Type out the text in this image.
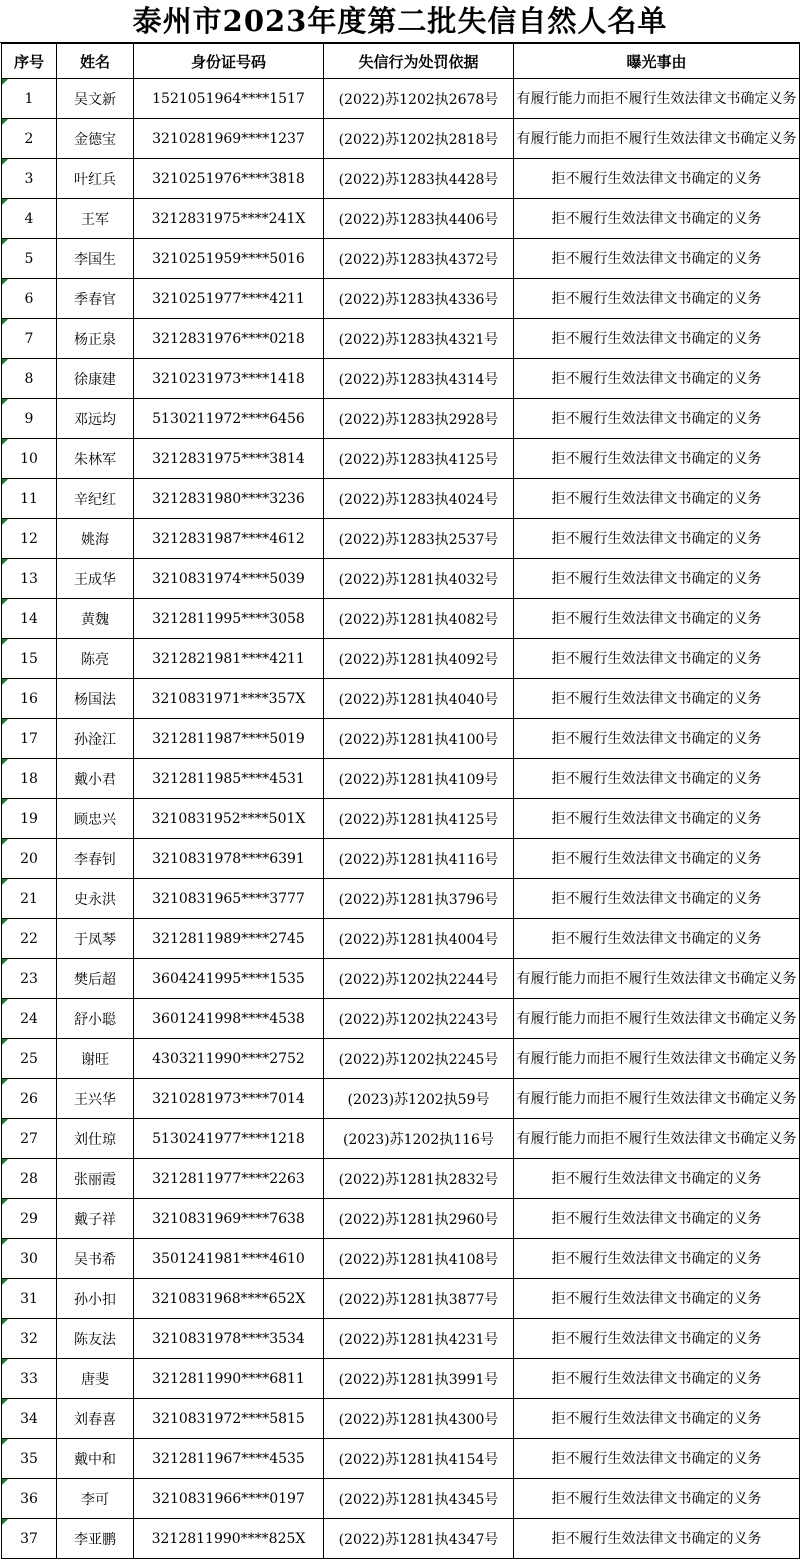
泰州市2023年度第二批失信自然人名单
序号	姓名	身份证号码	失信行为处罚依据	曝光事由
1	吴文新	1521051964****1517	(2022)苏1202执2678号	有履行能力而拒不履行生效法律文书确定义务
2	金德宝	3210281969****1237	(2022)苏1202执2818号	有履行能力而拒不履行生效法律文书确定义务
3	叶红兵	3210251976****3818	(2022)苏1283执4428号	拒不履行生效法律文书确定的义务
4	王军	3212831975****241X	(2022)苏1283执4406号	拒不履行生效法律文书确定的义务
5	李国生	3210251959****5016	(2022)苏1283执4372号	拒不履行生效法律文书确定的义务
6	季春官	3210251977****4211	(2022)苏1283执4336号	拒不履行生效法律文书确定的义务
7	杨正泉	3212831976****0218	(2022)苏1283执4321号	拒不履行生效法律文书确定的义务
8	徐康建	3210231973****1418	(2022)苏1283执4314号	拒不履行生效法律文书确定的义务
9	邓远均	5130211972****6456	(2022)苏1283执2928号	拒不履行生效法律文书确定的义务
10	朱林军	3212831975****3814	(2022)苏1283执4125号	拒不履行生效法律文书确定的义务
11	辛纪红	3212831980****3236	(2022)苏1283执4024号	拒不履行生效法律文书确定的义务
12	姚海	3212831987****4612	(2022)苏1283执2537号	拒不履行生效法律文书确定的义务
13	王成华	3210831974****5039	(2022)苏1281执4032号	拒不履行生效法律文书确定的义务
14	黄魏	3212811995****3058	(2022)苏1281执4082号	拒不履行生效法律文书确定的义务
15	陈亮	3212821981****4211	(2022)苏1281执4092号	拒不履行生效法律文书确定的义务
16	杨国法	3210831971****357X	(2022)苏1281执4040号	拒不履行生效法律文书确定的义务
17	孙淦江	3212811987****5019	(2022)苏1281执4100号	拒不履行生效法律文书确定的义务
18	戴小君	3212811985****4531	(2022)苏1281执4109号	拒不履行生效法律文书确定的义务
19	顾忠兴	3210831952****501X	(2022)苏1281执4125号	拒不履行生效法律文书确定的义务
20	李春钊	3210831978****6391	(2022)苏1281执4116号	拒不履行生效法律文书确定的义务
21	史永洪	3210831965****3777	(2022)苏1281执3796号	拒不履行生效法律文书确定的义务
22	于凤琴	3212811989****2745	(2022)苏1281执4004号	拒不履行生效法律文书确定的义务
23	樊后超	3604241995****1535	(2022)苏1202执2244号	有履行能力而拒不履行生效法律文书确定义务
24	舒小聪	3601241998****4538	(2022)苏1202执2243号	有履行能力而拒不履行生效法律文书确定义务
25	谢旺	4303211990****2752	(2022)苏1202执2245号	有履行能力而拒不履行生效法律文书确定义务
26	王兴华	3210281973****7014	(2023)苏1202执59号	有履行能力而拒不履行生效法律文书确定义务
27	刘仕琼	5130241977****1218	(2023)苏1202执116号	有履行能力而拒不履行生效法律文书确定义务
28	张丽霞	3212811977****2263	(2022)苏1281执2832号	拒不履行生效法律文书确定的义务
29	戴子祥	3210831969****7638	(2022)苏1281执2960号	拒不履行生效法律文书确定的义务
30	吴书希	3501241981****4610	(2022)苏1281执4108号	拒不履行生效法律文书确定的义务
31	孙小扣	3210831968****652X	(2022)苏1281执3877号	拒不履行生效法律文书确定的义务
32	陈友法	3210831978****3534	(2022)苏1281执4231号	拒不履行生效法律文书确定的义务
33	唐斐	3212811990****6811	(2022)苏1281执3991号	拒不履行生效法律文书确定的义务
34	刘春喜	3210831972****5815	(2022)苏1281执4300号	拒不履行生效法律文书确定的义务
35	戴中和	3212811967****4535	(2022)苏1281执4154号	拒不履行生效法律文书确定的义务
36	李可	3210831966****0197	(2022)苏1281执4345号	拒不履行生效法律文书确定的义务
37	李亚鹏	3212811990****825X	(2022)苏1281执4347号	拒不履行生效法律文书确定的义务
